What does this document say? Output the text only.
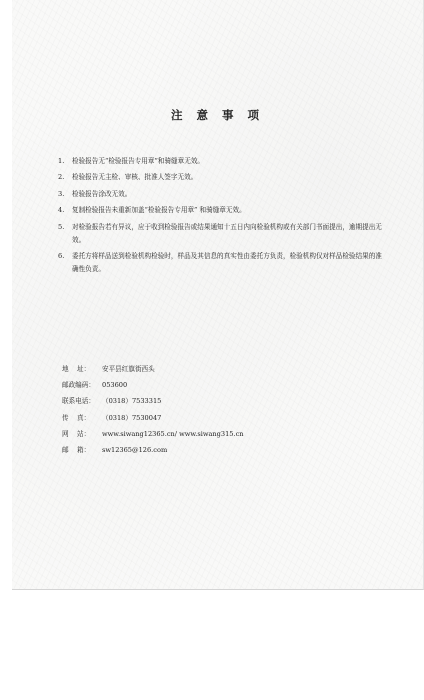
注 意 事 项
1.	检验报告无“检验报告专用章”和骑缝章无效。
2.	检验报告无主检、审核、批准人签字无效。
3.	检验报告涂改无效。
4.	复制检验报告未重新加盖“检验报告专用章” 和骑缝章无效。
5.	对检验报告若有异议，应于收到检验报告或结果通知十五日内向检验机构或有关部门书面提出，逾期提出无效。
6.	委托方将样品送到检验机构检验时，样品及其信息的真实性由委托方负责，检验机构仅对样品检验结果的准确性负责。
地    址：	安平县红旗街西头
邮政编码：	053600
联系电话：	（0318）7533315
传    真：	（0318）7530047
网    站：	www.siwang12365.cn/ www.siwang315.cn
邮    箱：	sw12365@126.com
